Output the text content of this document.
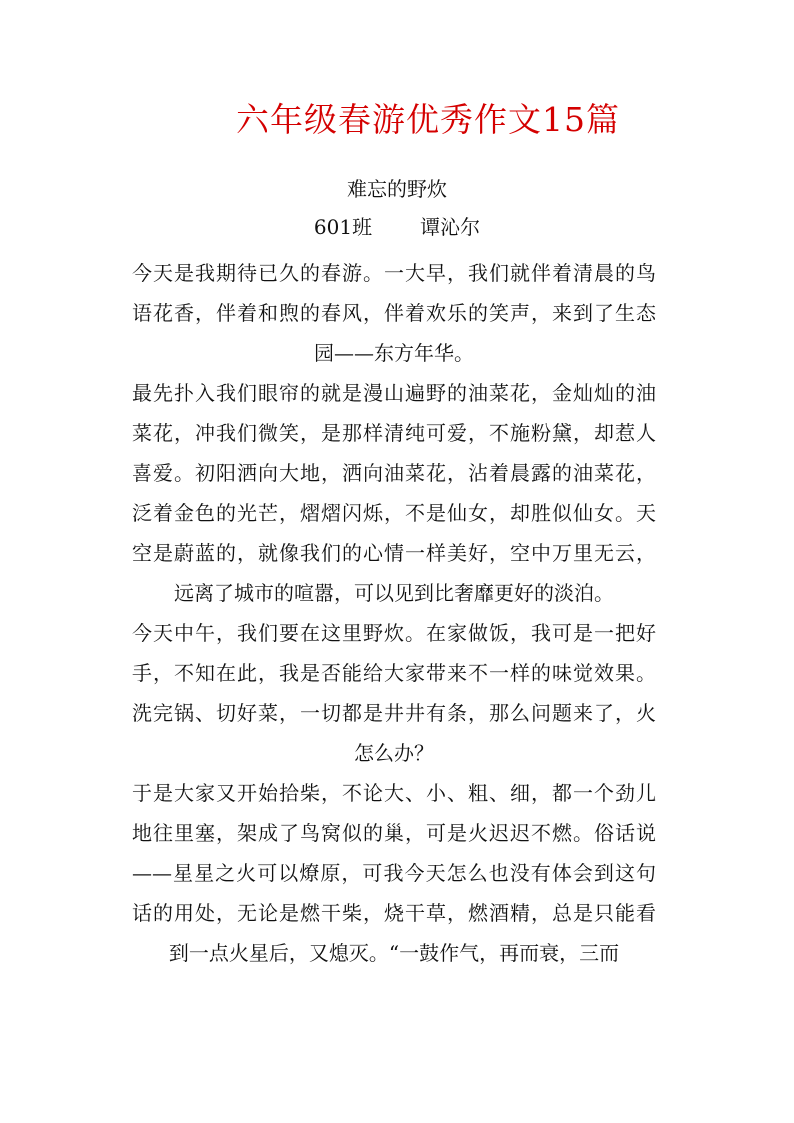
六年级春游优秀作文15篇
难忘的野炊
601班 谭沁尔
今天是我期待已久的春游。一大早，我们就伴着清晨的鸟
语花香，伴着和煦的春风，伴着欢乐的笑声，来到了生态
园——东方年华。
最先扑入我们眼帘的就是漫山遍野的油菜花，金灿灿的油
菜花，冲我们微笑，是那样清纯可爱，不施粉黛，却惹人
喜爱。初阳洒向大地，洒向油菜花，沾着晨露的油菜花，
泛着金色的光芒，熠熠闪烁，不是仙女，却胜似仙女。天
空是蔚蓝的，就像我们的心情一样美好，空中万里无云，
远离了城市的喧嚣，可以见到比奢靡更好的淡泊。
今天中午，我们要在这里野炊。在家做饭，我可是一把好
手，不知在此，我是否能给大家带来不一样的味觉效果。
洗完锅、切好菜，一切都是井井有条，那么问题来了，火
怎么办？
于是大家又开始拾柴，不论大、小、粗、细，都一个劲儿
地往里塞，架成了鸟窝似的巢，可是火迟迟不燃。俗话说
——星星之火可以燎原，可我今天怎么也没有体会到这句
话的用处，无论是燃干柴，烧干草，燃酒精，总是只能看
到一点火星后，又熄灭。“一鼓作气，再而衰，三而
